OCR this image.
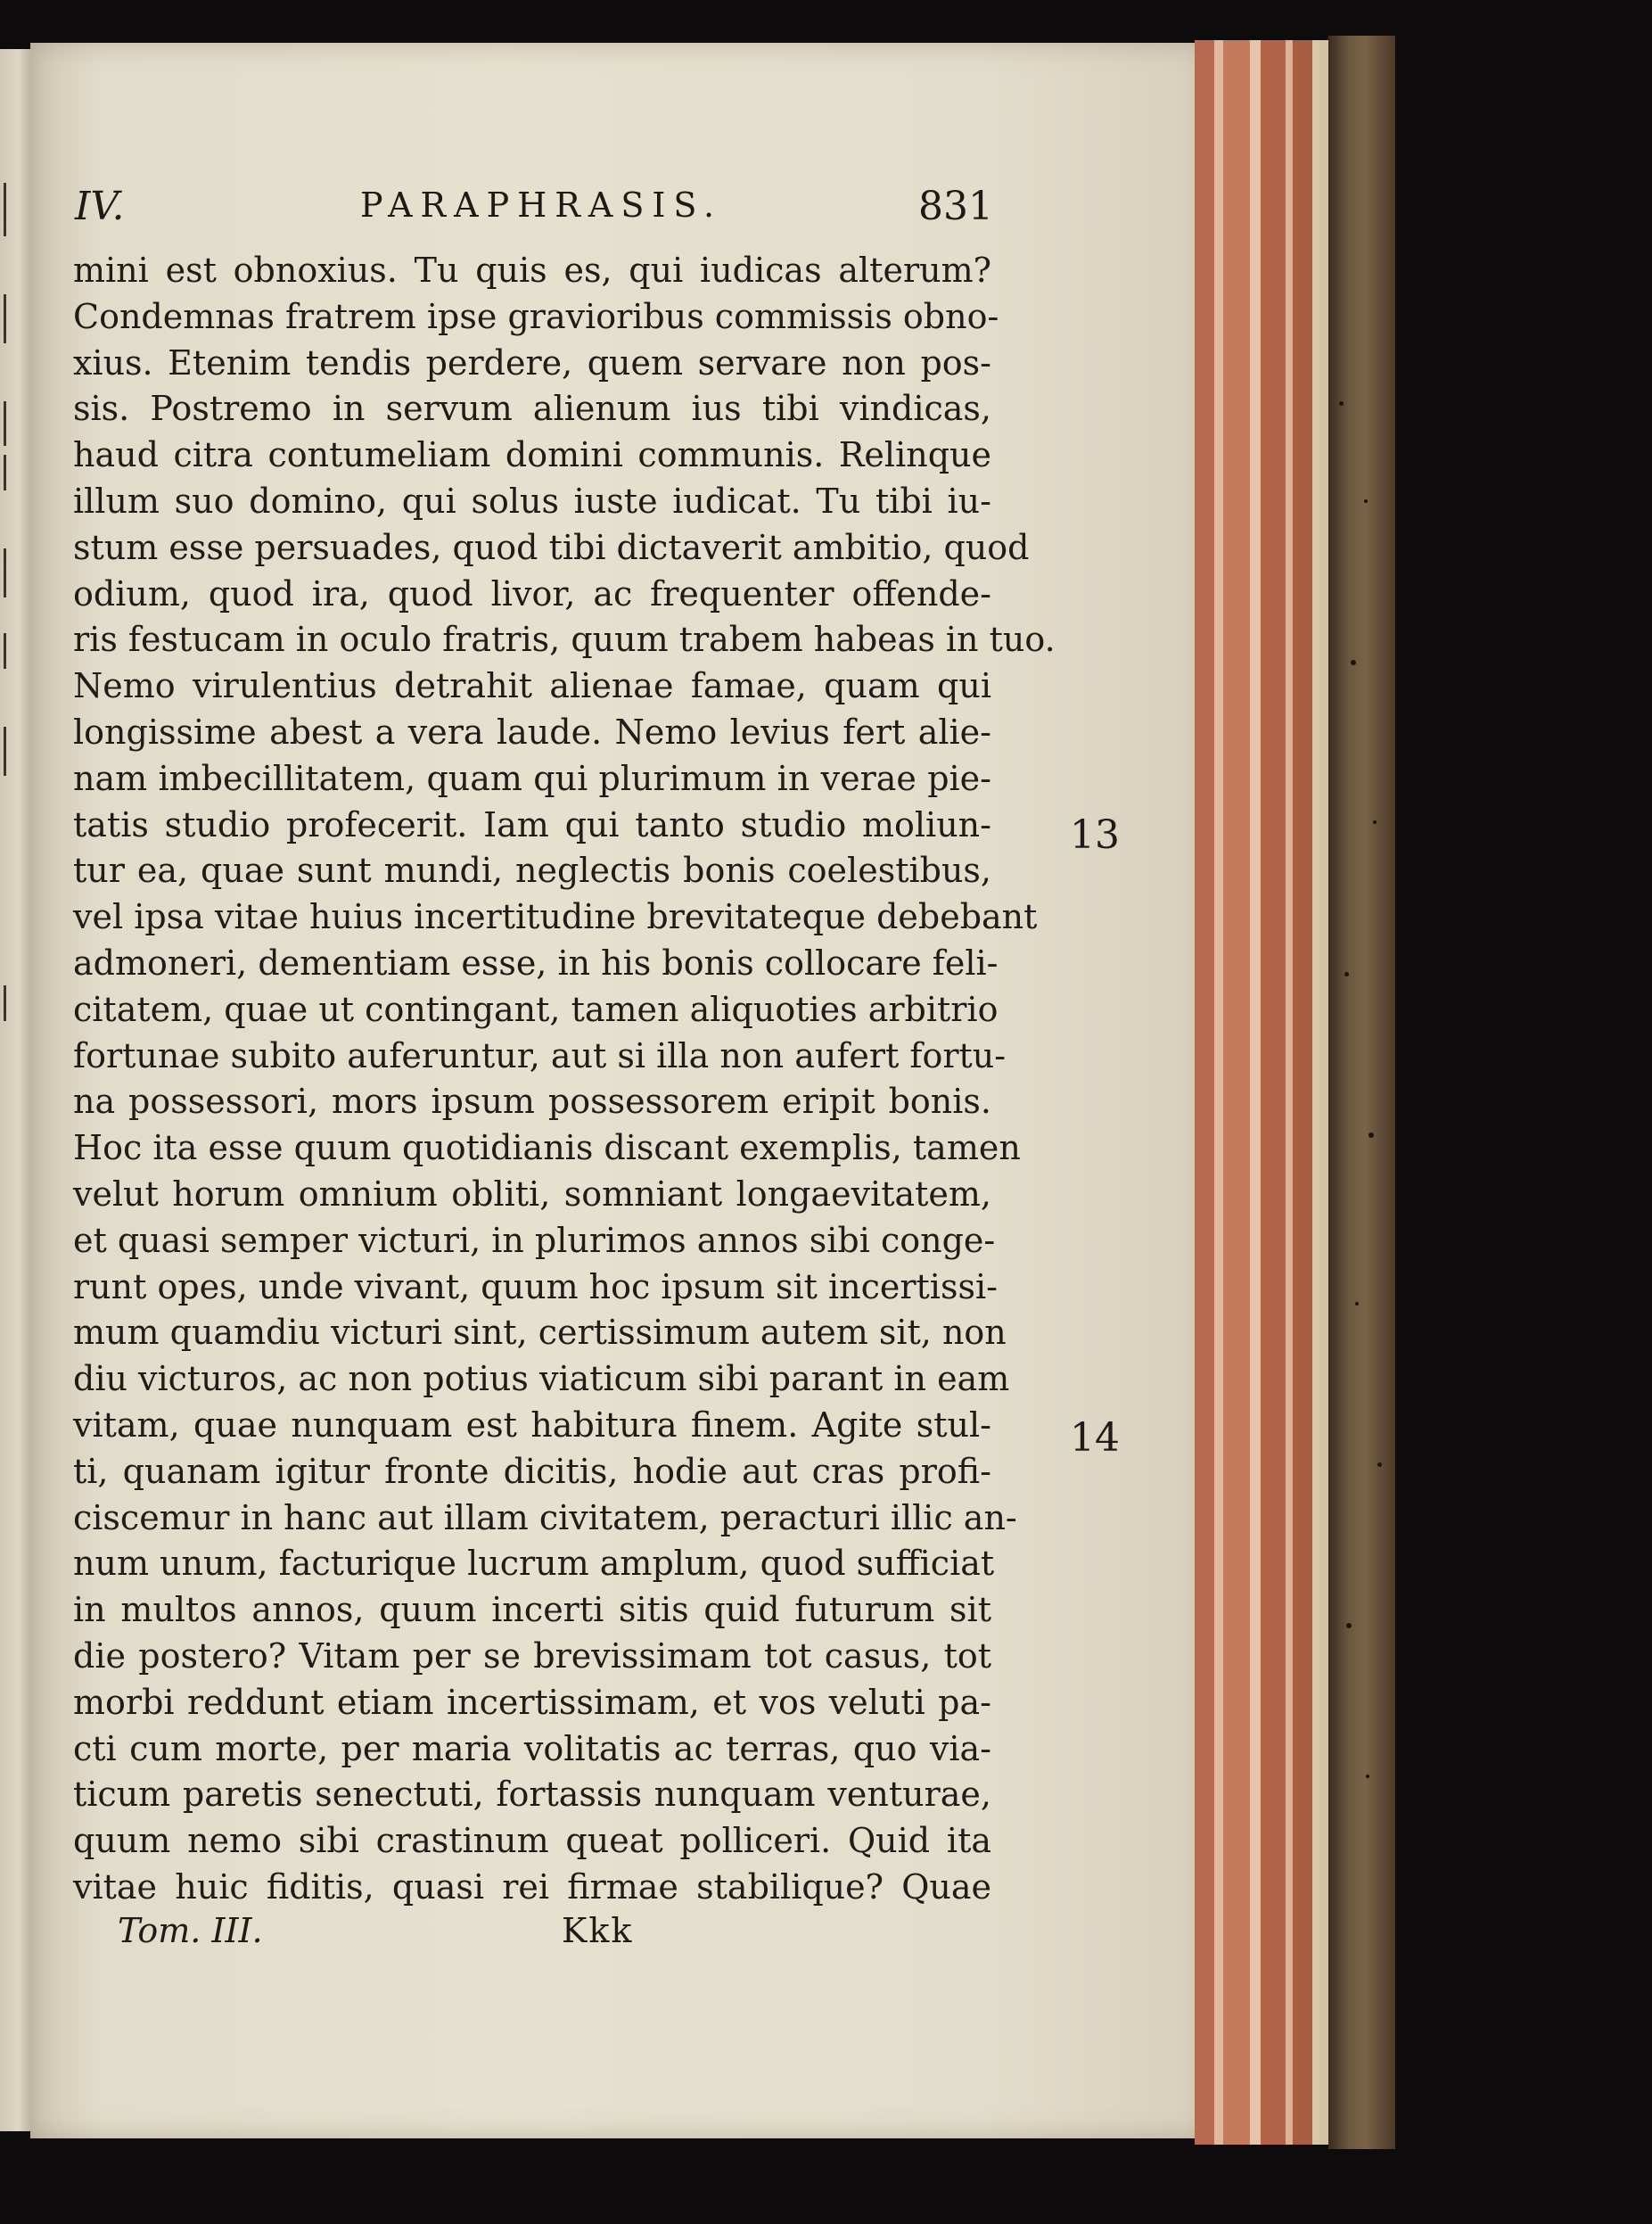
IV.	PARAPHRASIS.	831
mini est obnoxius. Tu quis es, qui iudicas alterum?
Condemnas fratrem ipse gravioribus commissis obno-
xius. Etenim tendis perdere, quem servare non pos-
sis. Postremo in servum alienum ius tibi vindicas,
haud citra contumeliam domini communis. Relinque
illum suo domino, qui solus iuste iudicat. Tu tibi iu-
stum esse persuades, quod tibi dictaverit ambitio, quod
odium, quod ira, quod livor, ac frequenter offende-
ris festucam in oculo fratris, quum trabem habeas in tuo.
Nemo virulentius detrahit alienae famae, quam qui
longissime abest a vera laude. Nemo levius fert alie-
nam imbecillitatem, quam qui plurimum in verae pie-
tatis studio profecerit. Iam qui tanto studio moliun-
tur ea, quae sunt mundi, neglectis bonis coelestibus,
vel ipsa vitae huius incertitudine brevitateque debebant
admoneri, dementiam esse, in his bonis collocare feli-
citatem, quae ut contingant, tamen aliquoties arbitrio
fortunae subito auferuntur, aut si illa non aufert fortu-
na possessori, mors ipsum possessorem eripit bonis.
Hoc ita esse quum quotidianis discant exemplis, tamen
velut horum omnium obliti, somniant longaevitatem,
et quasi semper victuri, in plurimos annos sibi conge-
runt opes, unde vivant, quum hoc ipsum sit incertissi-
mum quamdiu victuri sint, certissimum autem sit, non
diu victuros, ac non potius viaticum sibi parant in eam
vitam, quae nunquam est habitura finem. Agite stul-
ti, quanam igitur fronte dicitis, hodie aut cras profi-
ciscemur in hanc aut illam civitatem, peracturi illic an-
num unum, facturique lucrum amplum, quod sufficiat
in multos annos, quum incerti sitis quid futurum sit
die postero? Vitam per se brevissimam tot casus, tot
morbi reddunt etiam incertissimam, et vos veluti pa-
cti cum morte, per maria volitatis ac terras, quo via-
ticum paretis senectuti, fortassis nunquam venturae,
quum nemo sibi crastinum queat polliceri. Quid ita
vitae huic fiditis, quasi rei firmae stabilique? Quae
13
14
Tom. III.	Kkk
